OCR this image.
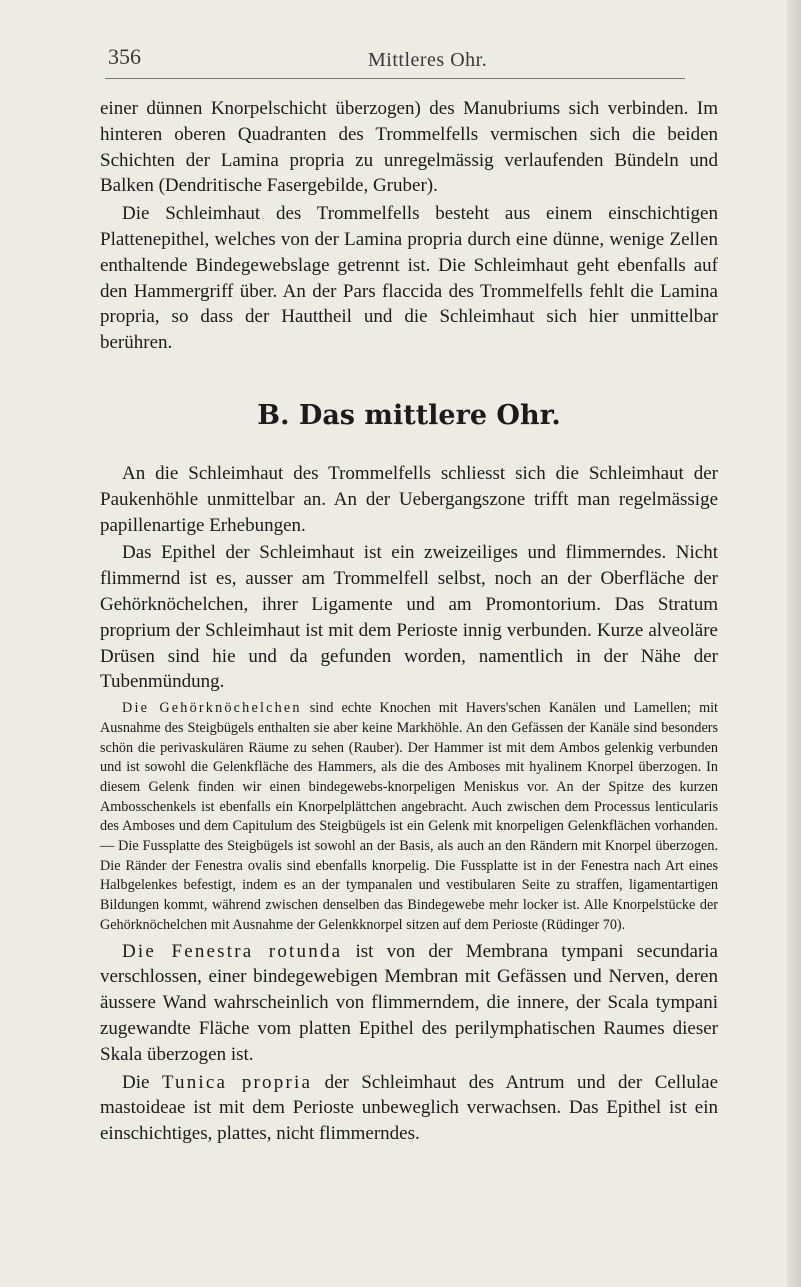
356	Mittleres Ohr.

einer dünnen Knorpelschicht überzogen) des Manubriums sich verbinden. Im hinteren oberen Quadranten des Trommelfells vermischen sich die beiden Schichten der Lamina propria zu unregelmässig verlaufenden Bündeln und Balken (Dendritische Fasergebilde, Gruber).

Die Schleimhaut des Trommelfells besteht aus einem einschichtigen Plattenepithel, welches von der Lamina propria durch eine dünne, wenige Zellen enthaltende Bindegewebslage getrennt ist. Die Schleimhaut geht ebenfalls auf den Hammergriff über. An der Pars flaccida des Trommelfells fehlt die Lamina propria, so dass der Hauttheil und die Schleimhaut sich hier unmittelbar berühren.

B. Das mittlere Ohr.

An die Schleimhaut des Trommelfells schliesst sich die Schleimhaut der Paukenhöhle unmittelbar an. An der Uebergangszone trifft man regelmässige papillenartige Erhebungen.

Das Epithel der Schleimhaut ist ein zweizeiliges und flimmerndes. Nicht flimmernd ist es, ausser am Trommelfell selbst, noch an der Oberfläche der Gehörknöchelchen, ihrer Ligamente und am Promontorium. Das Stratum proprium der Schleimhaut ist mit dem Perioste innig verbunden. Kurze alveoläre Drüsen sind hie und da gefunden worden, namentlich in der Nähe der Tubenmündung.

Die Gehörknöchelchen sind echte Knochen mit Havers'schen Kanälen und Lamellen; mit Ausnahme des Steigbügels enthalten sie aber keine Markhöhle. An den Gefässen der Kanäle sind besonders schön die perivaskulären Räume zu sehen (Rauber). Der Hammer ist mit dem Ambos gelenkig verbunden und ist sowohl die Gelenkfläche des Hammers, als die des Amboses mit hyalinem Knorpel überzogen. In diesem Gelenk finden wir einen bindegewebs-knorpeligen Meniskus vor. An der Spitze des kurzen Ambosschenkels ist ebenfalls ein Knorpelplättchen angebracht. Auch zwischen dem Processus lenticularis des Amboses und dem Capitulum des Steigbügels ist ein Gelenk mit knorpeligen Gelenkflächen vorhanden. — Die Fussplatte des Steigbügels ist sowohl an der Basis, als auch an den Rändern mit Knorpel überzogen. Die Ränder der Fenestra ovalis sind ebenfalls knorpelig. Die Fussplatte ist in der Fenestra nach Art eines Halbgelenkes befestigt, indem es an der tympanalen und vestibularen Seite zu straffen, ligamentartigen Bildungen kommt, während zwischen denselben das Bindegewebe mehr locker ist. Alle Knorpelstücke der Gehörknöchelchen mit Ausnahme der Gelenkknorpel sitzen auf dem Perioste (Rüdinger 70).

Die Fenestra rotunda ist von der Membrana tympani secundaria verschlossen, einer bindegewebigen Membran mit Gefässen und Nerven, deren äussere Wand wahrscheinlich von flimmerndem, die innere, der Scala tympani zugewandte Fläche vom platten Epithel des perilymphatischen Raumes dieser Skala überzogen ist.

Die Tunica propria der Schleimhaut des Antrum und der Cellulae mastoideae ist mit dem Perioste unbeweglich verwachsen. Das Epithel ist ein einschichtiges, plattes, nicht flimmerndes.
